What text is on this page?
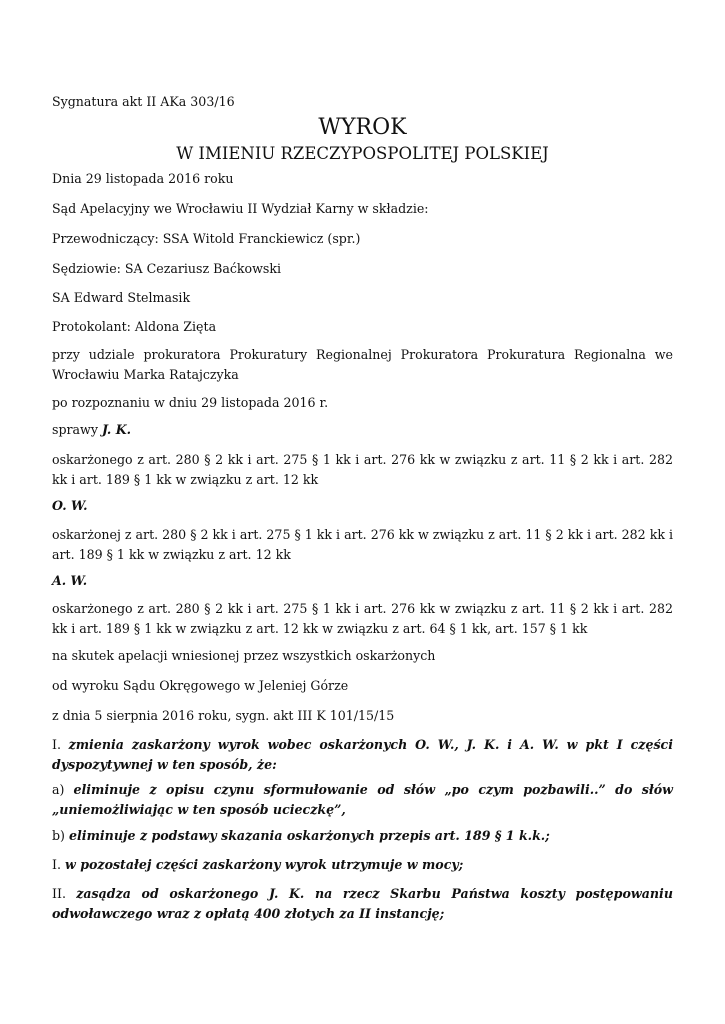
Sygnatura akt II AKa 303/16

WYROK

W IMIENIU RZECZYPOSPOLITEJ POLSKIEJ

Dnia 29 listopada 2016 roku

Sąd Apelacyjny we Wrocławiu II Wydział Karny w składzie:

Przewodniczący: SSA Witold Franckiewicz (spr.)

Sędziowie: SA Cezariusz Baćkowski

SA Edward Stelmasik

Protokolant: Aldona Zięta

przy udziale prokuratora Prokuratury Regionalnej Prokuratora Prokuratura Regionalna we Wrocławiu Marka Ratajczyka

po rozpoznaniu w dniu 29 listopada 2016 r.

sprawy J. K.

oskarżonego z art. 280 § 2 kk i art. 275 § 1 kk i art. 276 kk w związku z art. 11 § 2 kk i art. 282 kk i art. 189 § 1 kk w związku z art. 12 kk

O. W.

oskarżonej z art. 280 § 2 kk i art. 275 § 1 kk i art. 276 kk w związku z art. 11 § 2 kk i art. 282 kk i art. 189 § 1 kk w związku z art. 12 kk

A. W.

oskarżonego z art. 280 § 2 kk i art. 275 § 1 kk i art. 276 kk w związku z art. 11 § 2 kk i art. 282 kk i art. 189 § 1 kk w związku z art. 12 kk w związku z art. 64 § 1 kk, art. 157 § 1 kk

na skutek apelacji wniesionej przez wszystkich oskarżonych

od wyroku Sądu Okręgowego w Jeleniej Górze

z dnia 5 sierpnia 2016 roku, sygn. akt III K 101/15/15

I. zmienia zaskarżony wyrok wobec oskarżonych O. W., J. K. i A. W. w pkt I części dyspozytywnej w ten sposób, że:

a) eliminuje z opisu czynu sformułowanie od słów „po czym pozbawili..” do słów „uniemożliwiając w ten sposób ucieczkę”,

b) eliminuje z podstawy skazania oskarżonych przepis art. 189 § 1 k.k.;

I. w pozostałej części zaskarżony wyrok utrzymuje w mocy;

II. zasądza od oskarżonego J. K. na rzecz Skarbu Państwa koszty postępowaniu odwoławczego wraz z opłatą 400 złotych za II instancję;
